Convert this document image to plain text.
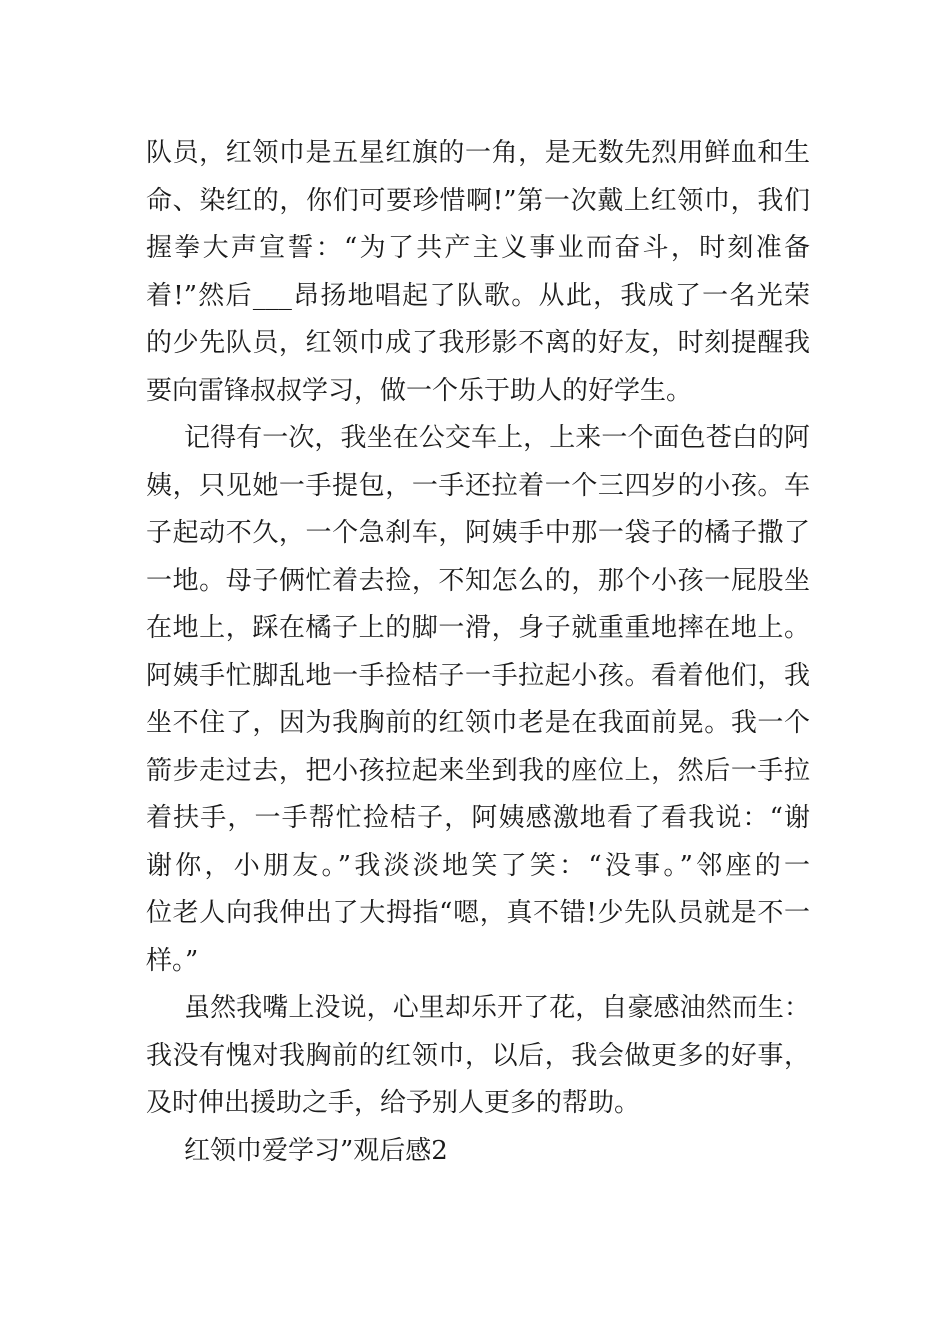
队员，红领巾是五星红旗的一角，是无数先烈用鲜血和生
命、染红的，你们可要珍惜啊!”第一次戴上红领巾，我们
握拳大声宣誓：“为了共产主义事业而奋斗，时刻准备
着!”然后___昂扬地唱起了队歌。从此，我成了一名光荣
的少先队员，红领巾成了我形影不离的好友，时刻提醒我
要向雷锋叔叔学习，做一个乐于助人的好学生。
记得有一次，我坐在公交车上，上来一个面色苍白的阿
姨，只见她一手提包，一手还拉着一个三四岁的小孩。车
子起动不久，一个急刹车，阿姨手中那一袋子的橘子撒了
一地。母子俩忙着去捡，不知怎么的，那个小孩一屁股坐
在地上，踩在橘子上的脚一滑，身子就重重地摔在地上。
阿姨手忙脚乱地一手捡桔子一手拉起小孩。看着他们，我
坐不住了，因为我胸前的红领巾老是在我面前晃。我一个
箭步走过去，把小孩拉起来坐到我的座位上，然后一手拉
着扶手，一手帮忙捡桔子，阿姨感激地看了看我说：“谢
谢你，小朋友。”我淡淡地笑了笑：“没事。”邻座的一
位老人向我伸出了大拇指“嗯，真不错!少先队员就是不一
样。”
虽然我嘴上没说，心里却乐开了花，自豪感油然而生：
我没有愧对我胸前的红领巾，以后，我会做更多的好事，
及时伸出援助之手，给予别人更多的帮助。
红领巾爱学习”观后感2
